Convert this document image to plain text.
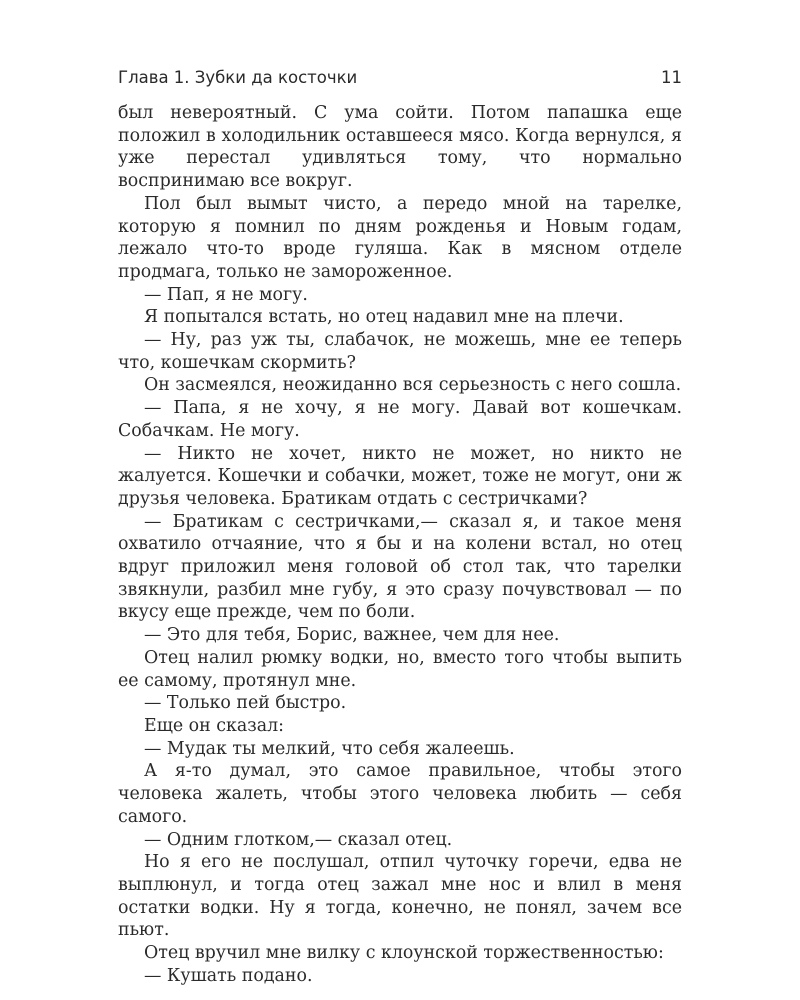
Глава 1. Зубки да косточки	11

был невероятный. С ума сойти. Потом папашка еще положил в холодильник оставшееся мясо. Когда вернулся, я уже перестал удивляться тому, что нормально воспринимаю все вокруг.

Пол был вымыт чисто, а передо мной на тарелке, которую я помнил по дням рожденья и Новым годам, лежало что-то вроде гуляша. Как в мясном отделе продмага, только не замороженное.

— Пап, я не могу.

Я попытался встать, но отец надавил мне на плечи.

— Ну, раз уж ты, слабачок, не можешь, мне ее теперь что, кошечкам скормить?

Он засмеялся, неожиданно вся серьезность с него сошла.

— Папа, я не хочу, я не могу. Давай вот кошечкам. Собачкам. Не могу.

— Никто не хочет, никто не может, но никто не жалуется. Кошечки и собачки, может, тоже не могут, они ж друзья человека. Братикам отдать с сестричками?

— Братикам с сестричками,— сказал я, и такое меня охватило отчаяние, что я бы и на колени встал, но отец вдруг приложил меня головой об стол так, что тарелки звякнули, разбил мне губу, я это сразу почувствовал — по вкусу еще прежде, чем по боли.

— Это для тебя, Борис, важнее, чем для нее.

Отец налил рюмку водки, но, вместо того чтобы выпить ее самому, протянул мне.

— Только пей быстро.

Еще он сказал:

— Мудак ты мелкий, что себя жалеешь.

А я-то думал, это самое правильное, чтобы этого человека жалеть, чтобы этого человека любить — себя самого.

— Одним глотком,— сказал отец.

Но я его не послушал, отпил чуточку горечи, едва не выплюнул, и тогда отец зажал мне нос и влил в меня остатки водки. Ну я тогда, конечно, не понял, зачем все пьют.

Отец вручил мне вилку с клоунской торжественностью:

— Кушать подано.
